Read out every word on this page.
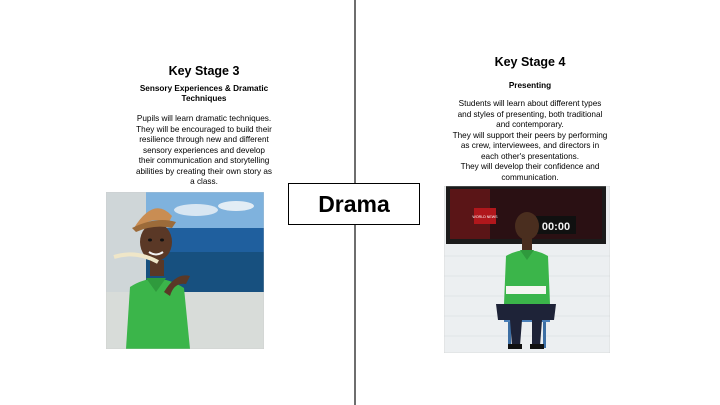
Key Stage 3

Sensory Experiences & Dramatic

Techniques

Pupils will learn dramatic techniques.

They will be encouraged to build their

resilience through new and different

sensory experiences and develop

their communication and storytelling

abilities by creating their own story as

a class.

Drama

Key Stage 4

Presenting

Students will learn about different types

and styles of presenting, both traditional

and contemporary.

They will support their peers by performing

as crew, interviewees, and directors in

each other's presentations.

They will develop their confidence and

communication.

WORLD NEWS
00:00
